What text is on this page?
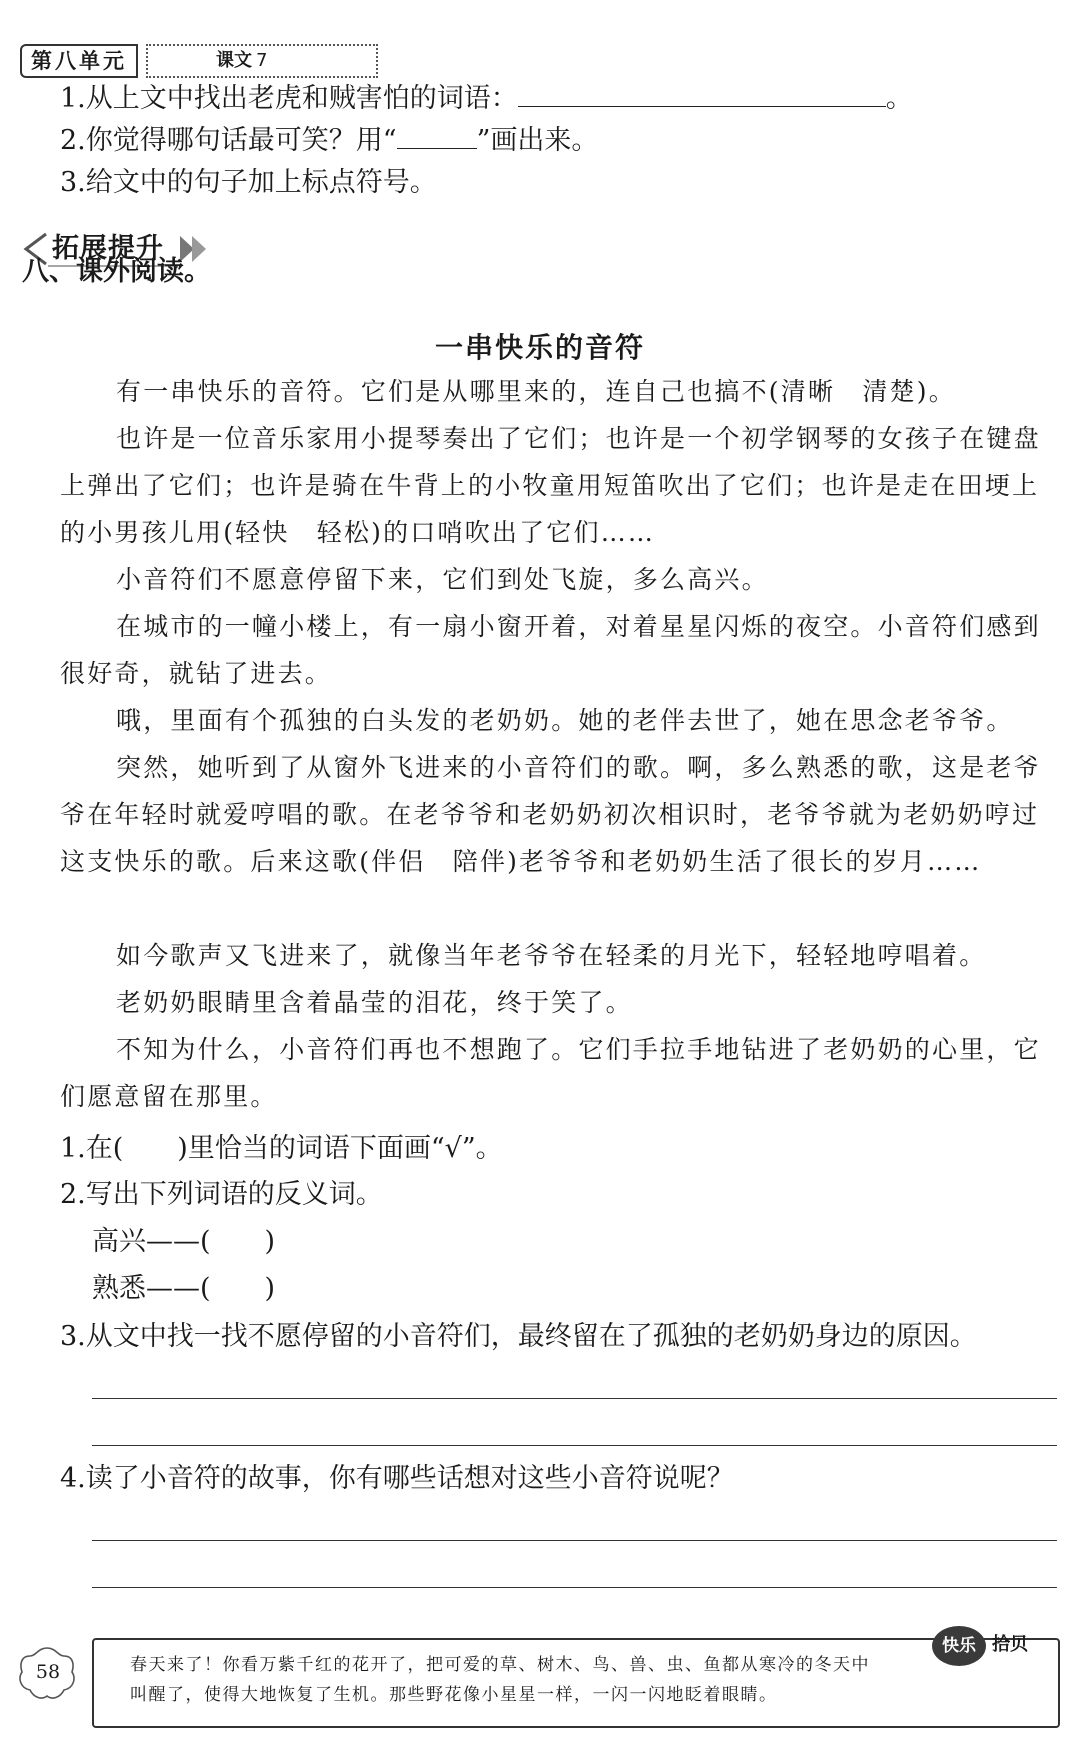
第八单元	课文 7
1.从上文中找出老虎和贼害怕的词语：	。
2.你觉得哪句话最可笑？用“	”画出来。
3.给文中的句子加上标点符号。
拓展提升
八、课外阅读。
一串快乐的音符
有一串快乐的音符。它们是从哪里来的，连自己也搞不(清晰　清楚)。
也许是一位音乐家用小提琴奏出了它们；也许是一个初学钢琴的女孩子在键盘上弹出了它们；也许是骑在牛背上的小牧童用短笛吹出了它们；也许是走在田埂上的小男孩儿用(轻快　轻松)的口哨吹出了它们……
小音符们不愿意停留下来，它们到处飞旋，多么高兴。
在城市的一幢小楼上，有一扇小窗开着，对着星星闪烁的夜空。小音符们感到很好奇，就钻了进去。
哦，里面有个孤独的白头发的老奶奶。她的老伴去世了，她在思念老爷爷。
突然，她听到了从窗外飞进来的小音符们的歌。啊，多么熟悉的歌，这是老爷爷在年轻时就爱哼唱的歌。在老爷爷和老奶奶初次相识时，老爷爷就为老奶奶哼过这支快乐的歌。后来这歌(伴侣　陪伴)老爷爷和老奶奶生活了很长的岁月……
如今歌声又飞进来了，就像当年老爷爷在轻柔的月光下，轻轻地哼唱着。
老奶奶眼睛里含着晶莹的泪花，终于笑了。
不知为什么，小音符们再也不想跑了。它们手拉手地钻进了老奶奶的心里，它们愿意留在那里。
1.在(　　)里恰当的词语下面画“√”。
2.写出下列词语的反义词。
高兴——(　　)
熟悉——(　　)
3.从文中找一找不愿停留的小音符们，最终留在了孤独的老奶奶身边的原因。
4.读了小音符的故事，你有哪些话想对这些小音符说呢？
58
快乐 拾贝
春天来了！你看万紫千红的花开了，把可爱的草、树木、鸟、兽、虫、鱼都从寒冷的冬天中
叫醒了，使得大地恢复了生机。那些野花像小星星一样，一闪一闪地眨着眼睛。
